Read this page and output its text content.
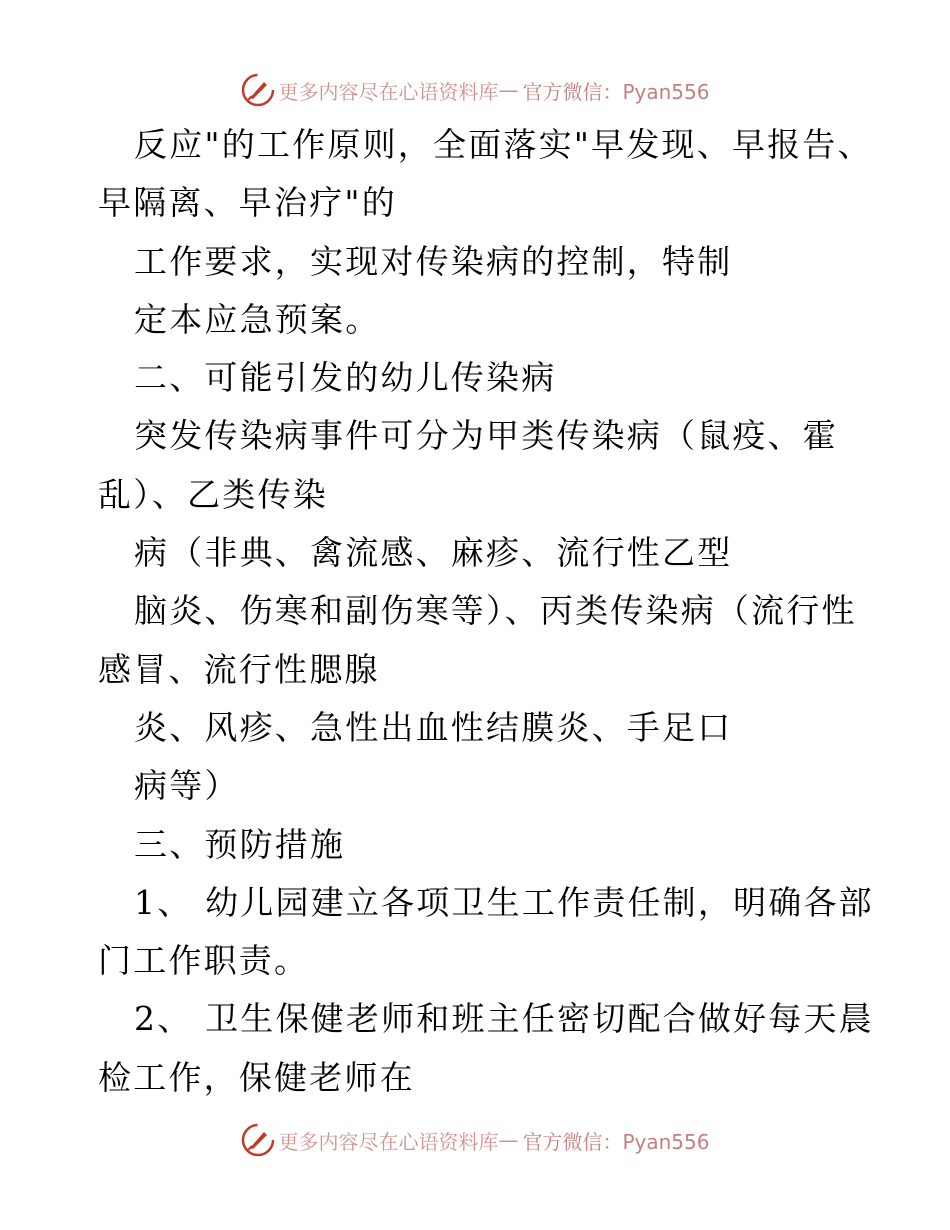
更多内容尽在心语资料库 — 官方微信：Pyan556
反应"的工作原则，全面落实"早发现、早报告、
早隔离、早治疗"的
工作要求，实现对传染病的控制，特制
定本应急预案。
二、可能引发的幼儿传染病
突发传染病事件可分为甲类传染病（鼠疫、霍
乱）、乙类传染
病（非典、禽流感、麻疹、流行性乙型
脑炎、伤寒和副伤寒等）、丙类传染病（流行性
感冒、流行性腮腺
炎、风疹、急性出血性结膜炎、手足口
病等）
三、预防措施
1、 幼儿园建立各项卫生工作责任制，明确各部
门工作职责。
2、 卫生保健老师和班主任密切配合做好每天晨
检工作，保健老师在
更多内容尽在心语资料库 — 官方微信：Pyan556
